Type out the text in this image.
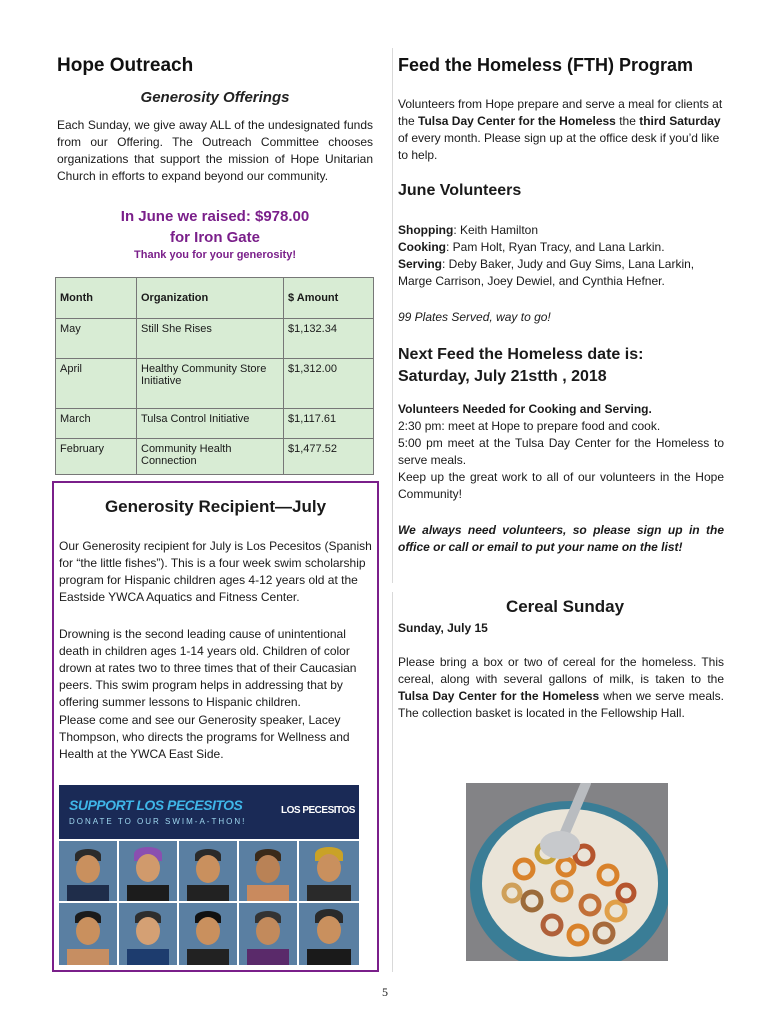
Hope Outreach
Generosity Offerings
Each Sunday, we give away ALL of the undesignated funds from our Offering. The Outreach Committee chooses organizations that support the mission of Hope Unitarian Church in efforts to expand beyond our community.
In June we raised: $978.00
for Iron Gate
Thank you for your generosity!
Month	Organization	$ Amount
May	Still She Rises	$1,132.34
April	Healthy Community Store Initiative	$1,312.00
March	Tulsa Control Initiative	$1,117.61
February	Community Health Connection	$1,477.52
Generosity Recipient—July
Our Generosity recipient for July is Los Pecesitos (Spanish for “the little fishes”). This is a four week swim scholarship program for Hispanic children ages 4-12 years old at the Eastside YWCA Aquatics and Fitness Center.
Drowning is the second leading cause of unintentional death in children ages 1-14 years old. Children of color drown at rates two to three times that of their Caucasian peers. This swim program helps in addressing that by offering summer lessons to Hispanic children.
Please come and see our Generosity speaker, Lacey Thompson, who directs the programs for Wellness and Health at the YWCA East Side.
SUPPORT LOS PECESITOS
DONATE TO OUR SWIM-A-THON!
LOS PECESITOS
Feed the Homeless (FTH) Program
Volunteers from Hope prepare and serve a meal for clients at the Tulsa Day Center for the Homeless the third Saturday of every month. Please sign up at the office desk if you’d like to help.
June Volunteers
Shopping: Keith Hamilton
Cooking: Pam Holt, Ryan Tracy, and Lana Larkin.
Serving: Deby Baker, Judy and Guy Sims, Lana Larkin, Marge Carrison, Joey Dewiel, and Cynthia Hefner.
99 Plates Served, way to go!
Next Feed the Homeless date is:
Saturday, July 21stth , 2018
Volunteers Needed for Cooking and Serving.
2:30 pm: meet at Hope to prepare food and cook.
5:00 pm meet at the Tulsa Day Center for the Homeless to serve meals.
Keep up the great work to all of our volunteers in the Hope Community!
We always need volunteers, so please sign up in the office or call or email to put your name on the list!
Cereal Sunday
Sunday, July 15
Please bring a box or two of cereal for the homeless. This cereal, along with several gallons of milk, is taken to the Tulsa Day Center for the Homeless when we serve meals. The collection basket is located in the Fellowship Hall.
5
